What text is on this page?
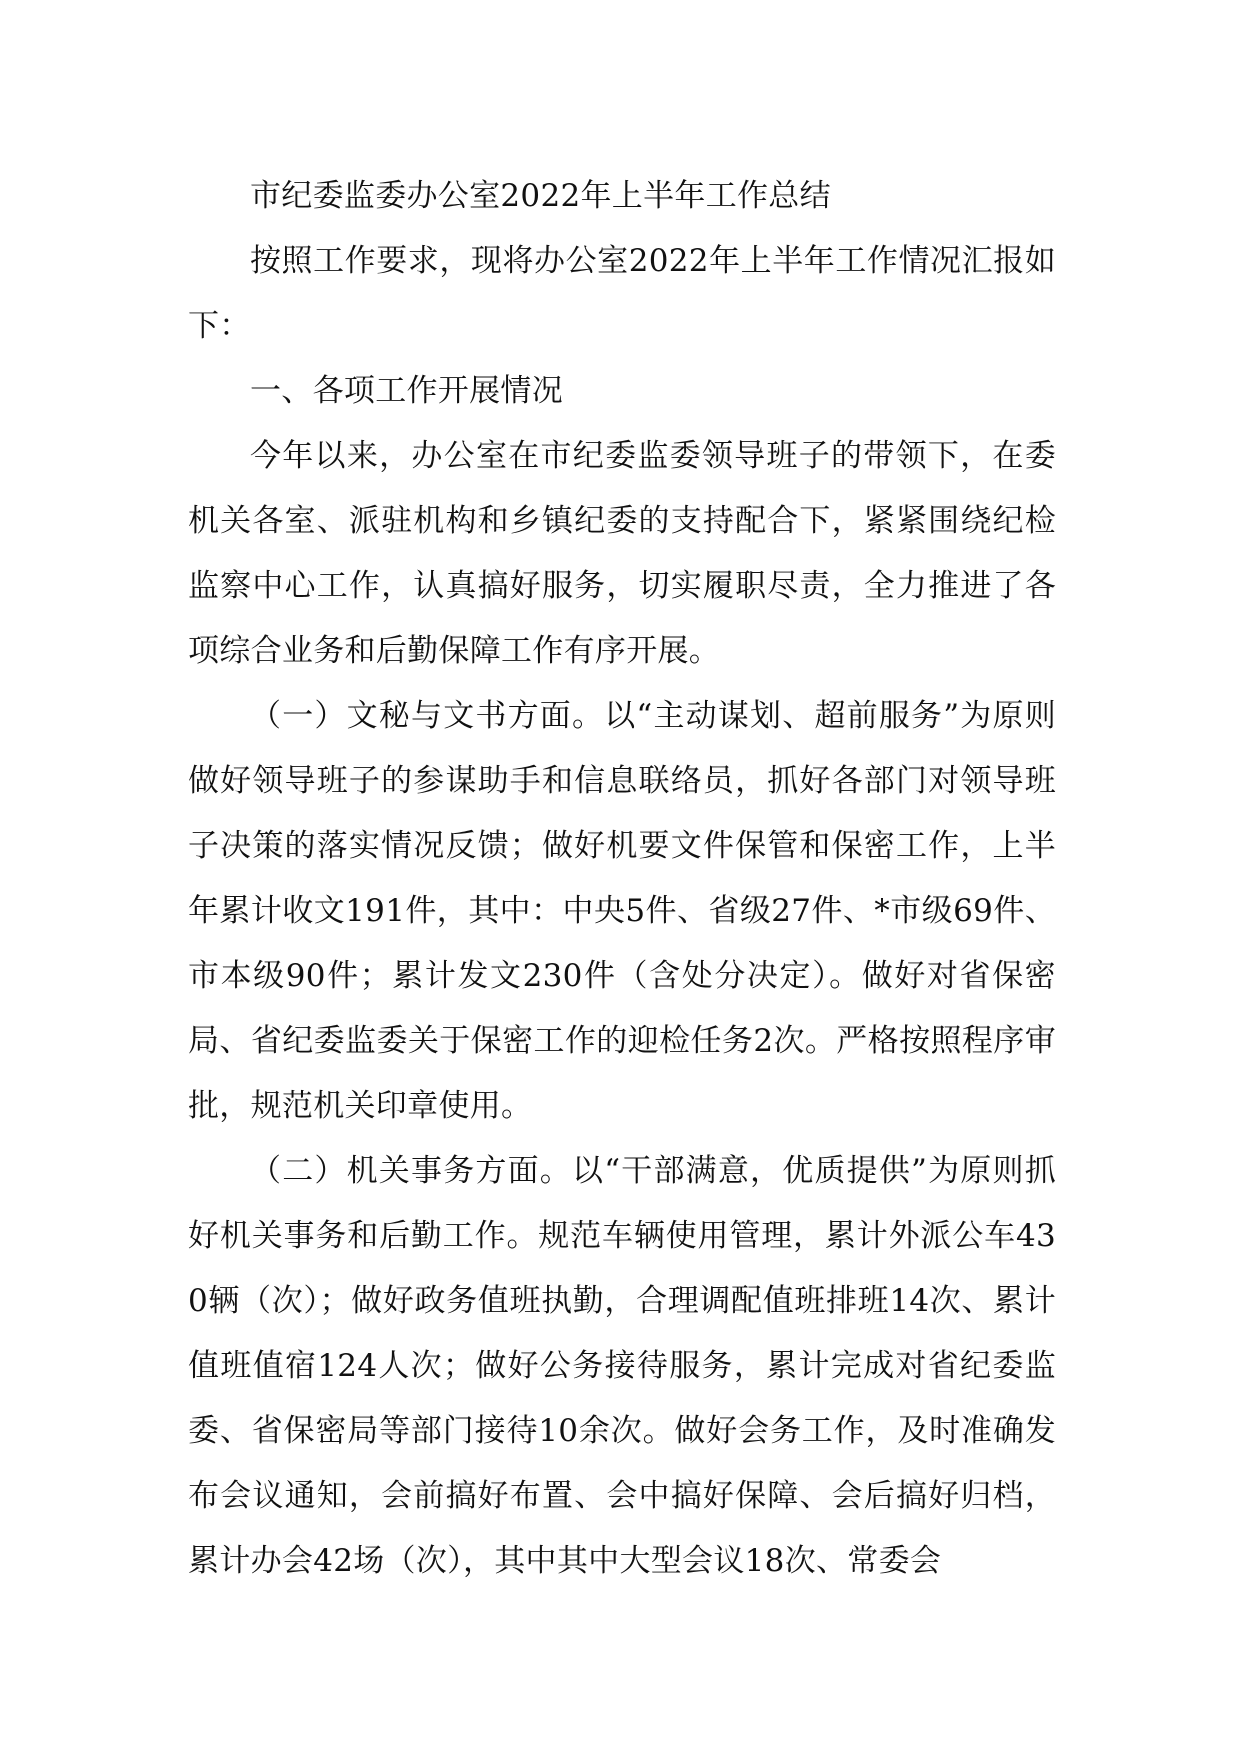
市纪委监委办公室2022年上半年工作总结

按照工作要求，现将办公室2022年上半年工作情况汇报如下：

一、各项工作开展情况

今年以来，办公室在市纪委监委领导班子的带领下，在委机关各室、派驻机构和乡镇纪委的支持配合下，紧紧围绕纪检监察中心工作，认真搞好服务，切实履职尽责，全力推进了各项综合业务和后勤保障工作有序开展。

（一）文秘与文书方面。以“主动谋划、超前服务”为原则做好领导班子的参谋助手和信息联络员，抓好各部门对领导班子决策的落实情况反馈；做好机要文件保管和保密工作，上半年累计收文191件，其中：中央5件、省级27件、*市级69件、市本级90件；累计发文230件（含处分决定）。做好对省保密局、省纪委监委关于保密工作的迎检任务2次。严格按照程序审批，规范机关印章使用。

（二）机关事务方面。以“干部满意，优质提供”为原则抓好机关事务和后勤工作。规范车辆使用管理，累计外派公车430辆（次）；做好政务值班执勤，合理调配值班排班14次、累计值班值宿124人次；做好公务接待服务，累计完成对省纪委监委、省保密局等部门接待10余次。做好会务工作，及时准确发布会议通知，会前搞好布置、会中搞好保障、会后搞好归档，累计办会42场（次），其中其中大型会议18次、常委会
